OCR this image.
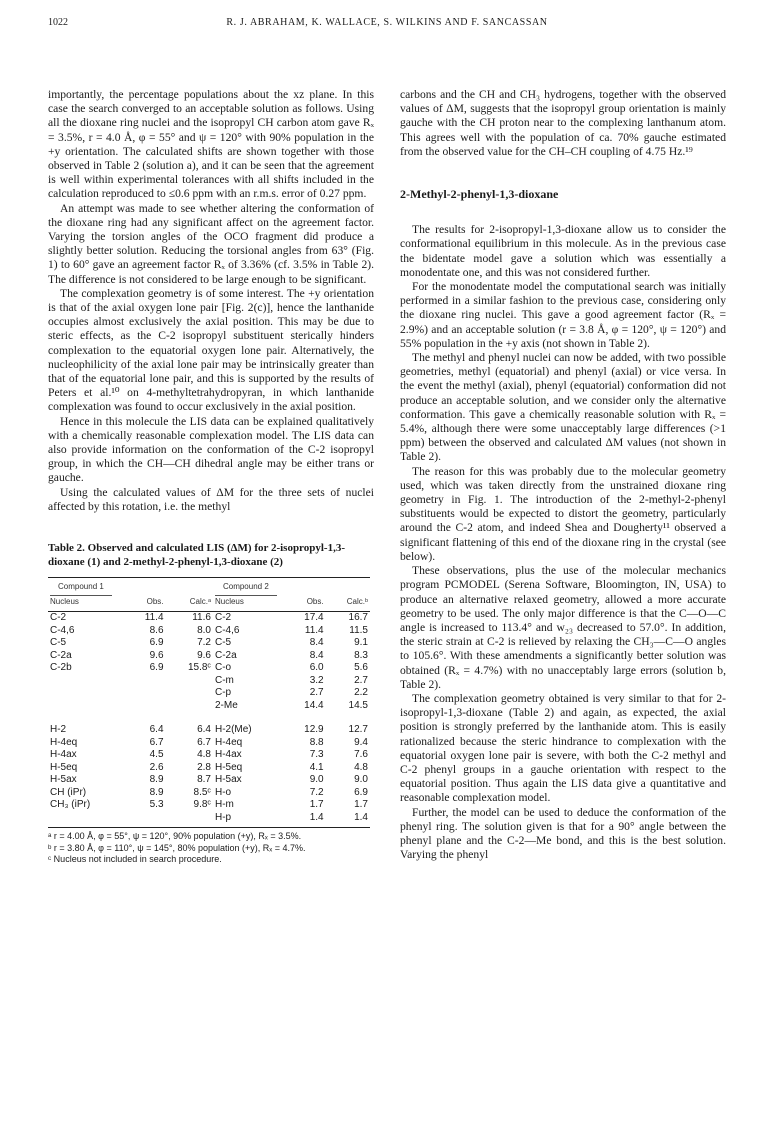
1022	R. J. ABRAHAM, K. WALLACE, S. WILKINS AND F. SANCASSAN

importantly, the percentage populations about the xz plane. In this case the search converged to an acceptable solution as follows. Using all the dioxane ring nuclei and the isopropyl CH carbon atom gave Rₓ = 3.5%, r = 4.0 Å, φ = 55° and ψ = 120° with 90% population in the +y orientation. The calculated shifts are shown together with those observed in Table 2 (solution a), and it can be seen that the agreement is well within experimental tolerances with all shifts included in the calculation reproduced to ≤0.6 ppm with an r.m.s. error of 0.27 ppm.

An attempt was made to see whether altering the conformation of the dioxane ring had any significant affect on the agreement factor. Varying the torsion angles of the OCO fragment did produce a slightly better solution. Reducing the torsional angles from 63° (Fig. 1) to 60° gave an agreement factor Rₓ of 3.36% (cf. 3.5% in Table 2). The difference is not considered to be large enough to be significant.

The complexation geometry is of some interest. The +y orientation is that of the axial oxygen lone pair [Fig. 2(c)], hence the lanthanide occupies almost exclusively the axial position. This may be due to steric effects, as the C-2 isopropyl substituent sterically hinders complexation to the equatorial oxygen lone pair. Alternatively, the nucleophilicity of the axial lone pair may be intrinsically greater than that of the equatorial lone pair, and this is supported by the results of Peters et al.¹⁰ on 4-methyltetrahydropyran, in which lanthanide complexation was found to occur exclusively in the axial position.

Hence in this molecule the LIS data can be explained qualitatively with a chemically reasonable complexation model. The LIS data can also provide information on the conformation of the C-2 isopropyl group, in which the CH—CH dihedral angle may be either trans or gauche.

Using the calculated values of ΔM for the three sets of nuclei affected by this rotation, i.e. the methyl

Table 2. Observed and calculated LIS (ΔM) for 2-isopropyl-1,3-dioxane (1) and 2-methyl-2-phenyl-1,3-dioxane (2)
Compound 1			Compound 2		
Nucleus	Obs.	Calc.ᵃ	Nucleus	Obs.	Calc.ᵇ
C-2	11.4	11.6	C-2	17.4	16.7
C-4,6	8.6	8.0	C-4,6	11.4	11.5
C-5	6.9	7.2	C-5	8.4	9.1
C-2a	9.6	9.6	C-2a	8.4	8.3
C-2b	6.9	15.8ᶜ	C-o	6.0	5.6
			C-m	3.2	2.7
			C-p	2.7	2.2
			2-Me	14.4	14.5

H-2	6.4	6.4	H-2(Me)	12.9	12.7
H-4eq	6.7	6.7	H-4eq	8.8	9.4
H-4ax	4.5	4.8	H-4ax	7.3	7.6
H-5eq	2.6	2.8	H-5eq	4.1	4.8
H-5ax	8.9	8.7	H-5ax	9.0	9.0
CH (iPr)	8.9	8.5ᶜ	H-o	7.2	6.9
CH₃ (iPr)	5.3	9.8ᶜ	H-m	1.7	1.7
			H-p	1.4	1.4
ᵃ r = 4.00 Å, φ = 55°, ψ = 120°, 90% population (+y), Rₓ = 3.5%.
ᵇ r = 3.80 Å, φ = 110°, ψ = 145°, 80% population (+y), Rₓ = 4.7%.
ᶜ Nucleus not included in search procedure.

carbons and the CH and CH₃ hydrogens, together with the observed values of ΔM, suggests that the isopropyl group orientation is mainly gauche with the CH proton near to the complexing lanthanum atom. This agrees well with the population of ca. 70% gauche estimated from the observed value for the CH–CH coupling of 4.75 Hz.¹⁹

2-Methyl-2-phenyl-1,3-dioxane

The results for 2-isopropyl-1,3-dioxane allow us to consider the conformational equilibrium in this molecule. As in the previous case the bidentate model gave a solution which was essentially a monodentate one, and this was not considered further.

For the monodentate model the computational search was initially performed in a similar fashion to the previous case, considering only the dioxane ring nuclei. This gave a good agreement factor (Rₓ = 2.9%) and an acceptable solution (r = 3.8 Å, φ = 120°, ψ = 120°) and 55% population in the +y axis (not shown in Table 2).

The methyl and phenyl nuclei can now be added, with two possible geometries, methyl (equatorial) and phenyl (axial) or vice versa. In the event the methyl (axial), phenyl (equatorial) conformation did not produce an acceptable solution, and we consider only the alternative conformation. This gave a chemically reasonable solution with Rₓ = 5.4%, although there were some unacceptably large differences (>1 ppm) between the observed and calculated ΔM values (not shown in Table 2).

The reason for this was probably due to the molecular geometry used, which was taken directly from the unstrained dioxane ring geometry in Fig. 1. The introduction of the 2-methyl-2-phenyl substituents would be expected to distort the geometry, particularly around the C-2 atom, and indeed Shea and Dougherty¹¹ observed a significant flattening of this end of the dioxane ring in the crystal (see below).

These observations, plus the use of the molecular mechanics program PCMODEL (Serena Software, Bloomington, IN, USA) to produce an alternative relaxed geometry, allowed a more accurate geometry to be used. The only major difference is that the C—O—C angle is increased to 113.4° and w₂₃ decreased to 57.0°. In addition, the steric strain at C-2 is relieved by relaxing the CH₃—C—O angles to 105.6°. With these amendments a significantly better solution was obtained (Rₓ = 4.7%) with no unacceptably large errors (solution b, Table 2).

The complexation geometry obtained is very similar to that for 2-isopropyl-1,3-dioxane (Table 2) and again, as expected, the axial position is strongly preferred by the lanthanide atom. This is easily rationalized because the steric hindrance to complexation with the equatorial oxygen lone pair is severe, with both the C-2 methyl and C-2 phenyl groups in a gauche orientation with respect to the equatorial position. Thus again the LIS data give a quantitative and reasonable complexation model.

Further, the model can be used to deduce the conformation of the phenyl ring. The solution given is that for a 90° angle between the phenyl plane and the C-2—Me bond, and this is the best solution. Varying the phenyl
